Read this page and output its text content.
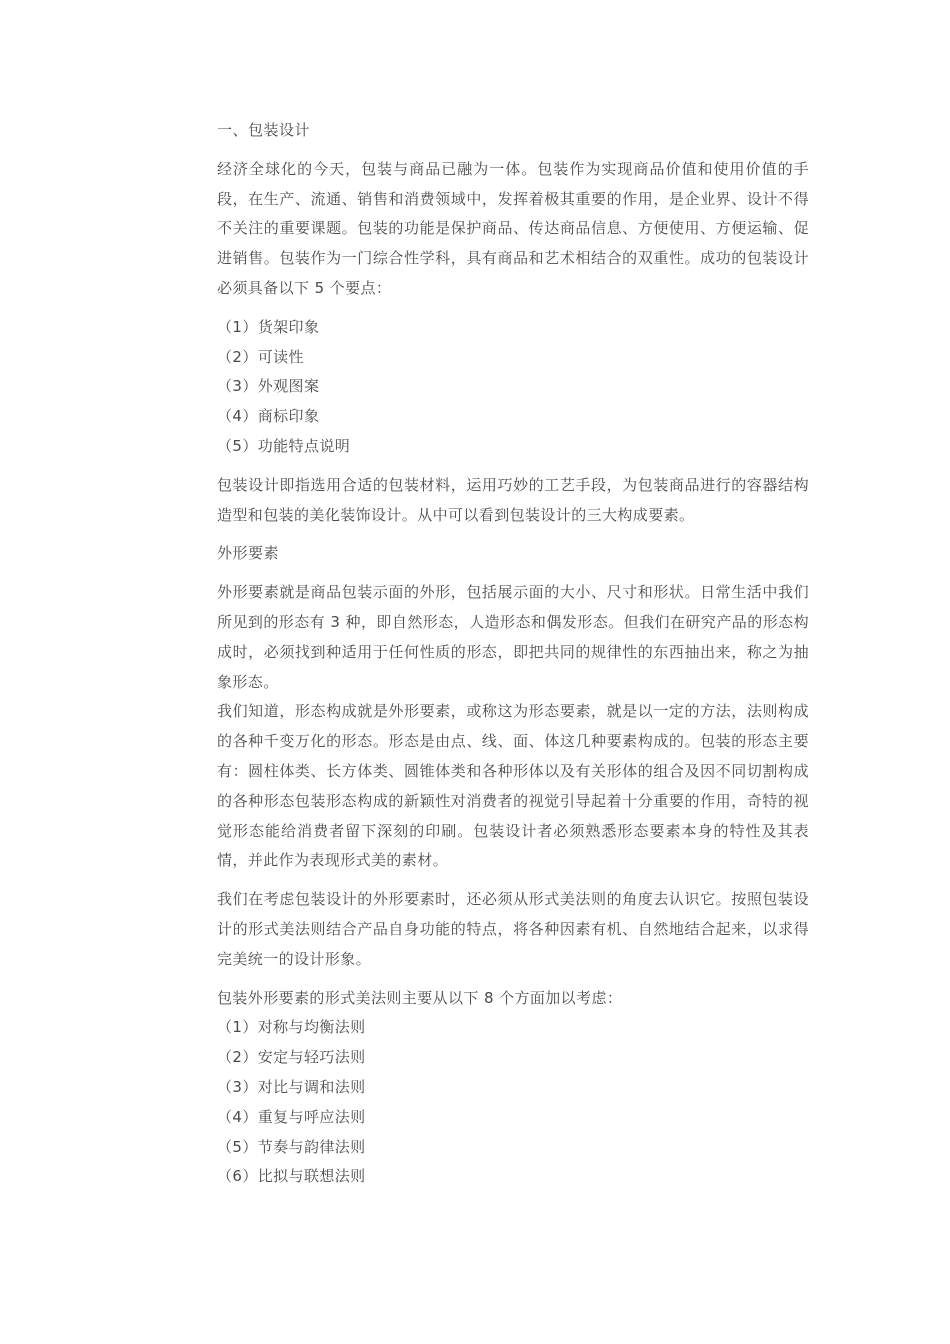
一、包装设计

经济全球化的今天，包装与商品已融为一体。包装作为实现商品价值和使用价值的手段，在生产、流通、销售和消费领域中，发挥着极其重要的作用，是企业界、设计不得不关注的重要课题。包装的功能是保护商品、传达商品信息、方便使用、方便运输、促进销售。包装作为一门综合性学科，具有商品和艺术相结合的双重性。成功的包装设计必须具备以下 5 个要点：

（1）货架印象
（2）可读性
（3）外观图案
（4）商标印象
（5）功能特点说明

包装设计即指选用合适的包装材料，运用巧妙的工艺手段，为包装商品进行的容器结构造型和包装的美化装饰设计。从中可以看到包装设计的三大构成要素。

外形要素

外形要素就是商品包装示面的外形，包括展示面的大小、尺寸和形状。日常生活中我们所见到的形态有 3 种，即自然形态，人造形态和偶发形态。但我们在研究产品的形态构成时，必须找到种适用于任何性质的形态，即把共同的规律性的东西抽出来，称之为抽象形态。

我们知道，形态构成就是外形要素，或称这为形态要素，就是以一定的方法，法则构成的各种千变万化的形态。形态是由点、线、面、体这几种要素构成的。包装的形态主要有：圆柱体类、长方体类、圆锥体类和各种形体以及有关形体的组合及因不同切割构成的各种形态包装形态构成的新颖性对消费者的视觉引导起着十分重要的作用，奇特的视觉形态能给消费者留下深刻的印刷。包装设计者必须熟悉形态要素本身的特性及其表情，并此作为表现形式美的素材。

我们在考虑包装设计的外形要素时，还必须从形式美法则的角度去认识它。按照包装设计的形式美法则结合产品自身功能的特点，将各种因素有机、自然地结合起来，以求得完美统一的设计形象。

包装外形要素的形式美法则主要从以下 8 个方面加以考虑：

（1）对称与均衡法则
（2）安定与轻巧法则
（3）对比与调和法则
（4）重复与呼应法则
（5）节奏与韵律法则
（6）比拟与联想法则
